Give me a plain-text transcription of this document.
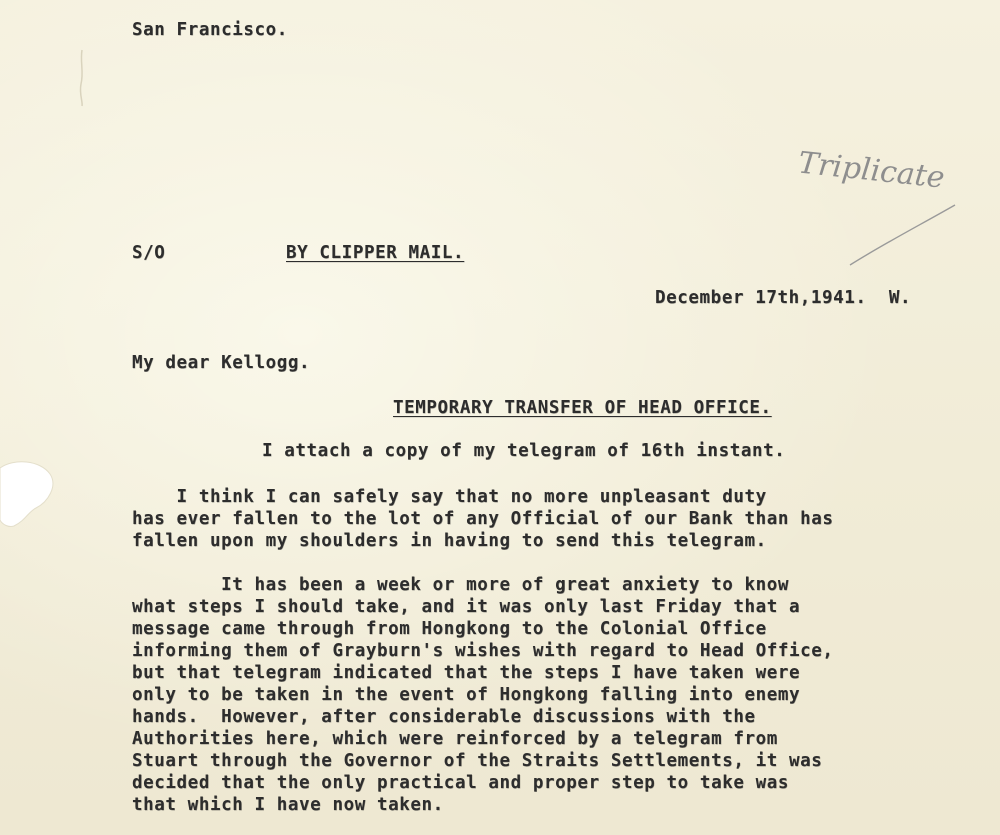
San Francisco.
Triplicate
S/O	BY CLIPPER MAIL.
December 17th,1941.  W.
My dear Kellogg.
TEMPORARY TRANSFER OF HEAD OFFICE.
I attach a copy of my telegram of 16th instant.
I think I can safely say that no more unpleasant duty
has ever fallen to the lot of any Official of our Bank than has
fallen upon my shoulders in having to send this telegram.
It has been a week or more of great anxiety to know
what steps I should take, and it was only last Friday that a
message came through from Hongkong to the Colonial Office
informing them of Grayburn's wishes with regard to Head Office,
but that telegram indicated that the steps I have taken were
only to be taken in the event of Hongkong falling into enemy
hands.  However, after considerable discussions with the
Authorities here, which were reinforced by a telegram from
Stuart through the Governor of the Straits Settlements, it was
decided that the only practical and proper step to take was
that which I have now taken.
